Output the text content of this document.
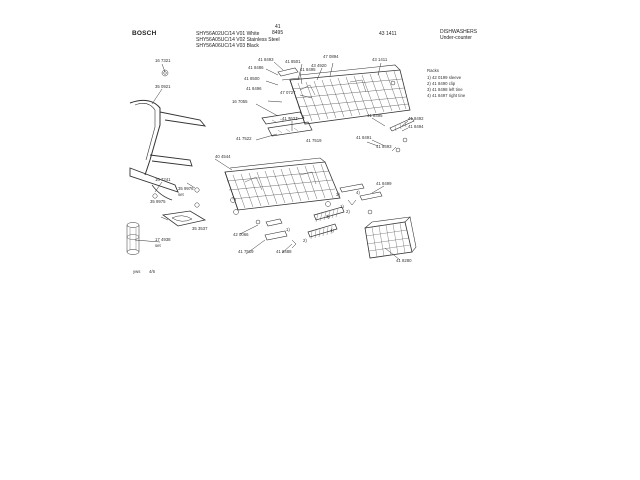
BOSCH	SHY56A02UC/14 V01 White
SHY56A05UC/14 V02 Stainless Steel
SHY56A06UC/14 V03 Black
41
8495	43 1411	DISHWASHERS
Under-counter
Racks
1) 42 0199 sleeve
2) 41 8490 clip
3) 41 8498 left tine
4) 41 8497 right tine
3)	4)
1)
1)
2)
2)
4)
3)
16 7321
35 0921
16 7241
35 9976
set
35 9975
35 3537
17 4938
set
40 4544
41 8493
41 8486
41 8501
41 8500
41 8495
41 8496
47 0727
47 0894
43 4920
43 1411
16 7055
41 7631
41 7522
41 8495
41 7519
41 8491
41 8492
41 8494
41 8493
41 8499
42 0066
41 7519	41 8488
41 8280
yws 4/6
